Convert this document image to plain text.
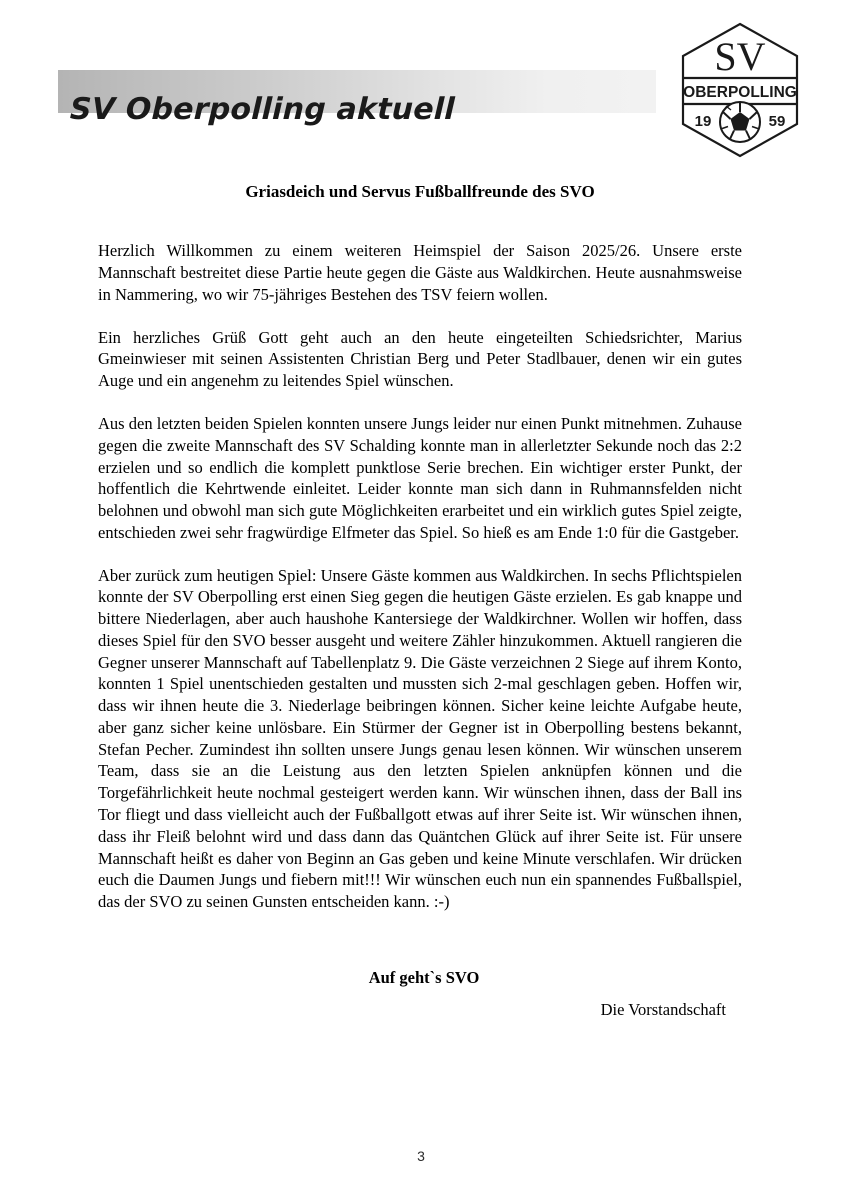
SV Oberpolling aktuell
SV
OBERPOLLING
19	59
Griasdeich und Servus Fußballfreunde des SVO

Herzlich Willkommen zu einem weiteren Heimspiel der Saison 2025/26. Unsere erste Mannschaft bestreitet diese Partie heute gegen die Gäste aus Waldkirchen. Heute ausnahmsweise in Nammering, wo wir 75-jähriges Bestehen des TSV feiern wollen.

Ein herzliches Grüß Gott geht auch an den heute eingeteilten Schiedsrichter, Marius Gmeinwieser mit seinen Assistenten Christian Berg und Peter Stadlbauer, denen wir ein gutes Auge und ein angenehm zu leitendes Spiel wünschen.

Aus den letzten beiden Spielen konnten unsere Jungs leider nur einen Punkt mitnehmen. Zuhause gegen die zweite Mannschaft des SV Schalding konnte man in allerletzter Sekunde noch das 2:2 erzielen und so endlich die komplett punktlose Serie brechen. Ein wichtiger erster Punkt, der hoffentlich die Kehrtwende einleitet. Leider konnte man sich dann in Ruhmannsfelden nicht belohnen und obwohl man sich gute Möglichkeiten erarbeitet und ein wirklich gutes Spiel zeigte, entschieden zwei sehr fragwürdige Elfmeter das Spiel. So hieß es am Ende 1:0 für die Gastgeber.

Aber zurück zum heutigen Spiel: Unsere Gäste kommen aus Waldkirchen. In sechs Pflichtspielen konnte der SV Oberpolling erst einen Sieg gegen die heutigen Gäste erzielen. Es gab knappe und bittere Niederlagen, aber auch haushohe Kantersiege der Waldkirchner. Wollen wir hoffen, dass dieses Spiel für den SVO besser ausgeht und weitere Zähler hinzukommen. Aktuell rangieren die Gegner unserer Mannschaft auf Tabellenplatz 9. Die Gäste verzeichnen 2 Siege auf ihrem Konto, konnten 1 Spiel unentschieden gestalten und mussten sich 2-mal geschlagen geben. Hoffen wir, dass wir ihnen heute die 3. Niederlage beibringen können. Sicher keine leichte Aufgabe heute, aber ganz sicher keine unlösbare. Ein Stürmer der Gegner ist in Oberpolling bestens bekannt, Stefan Pecher. Zumindest ihn sollten unsere Jungs genau lesen können. Wir wünschen unserem Team, dass sie an die Leistung aus den letzten Spielen anknüpfen können und die Torgefährlichkeit heute nochmal gesteigert werden kann. Wir wünschen ihnen, dass der Ball ins Tor fliegt und dass vielleicht auch der Fußballgott etwas auf ihrer Seite ist. Wir wünschen ihnen, dass ihr Fleiß belohnt wird und dass dann das Quäntchen Glück auf ihrer Seite ist. Für unsere Mannschaft heißt es daher von Beginn an Gas geben und keine Minute verschlafen. Wir drücken euch die Daumen Jungs und fiebern mit!!! Wir wünschen euch nun ein spannendes Fußballspiel, das der SVO zu seinen Gunsten entscheiden kann. :-)

Auf geht`s SVO

Die Vorstandschaft

3
